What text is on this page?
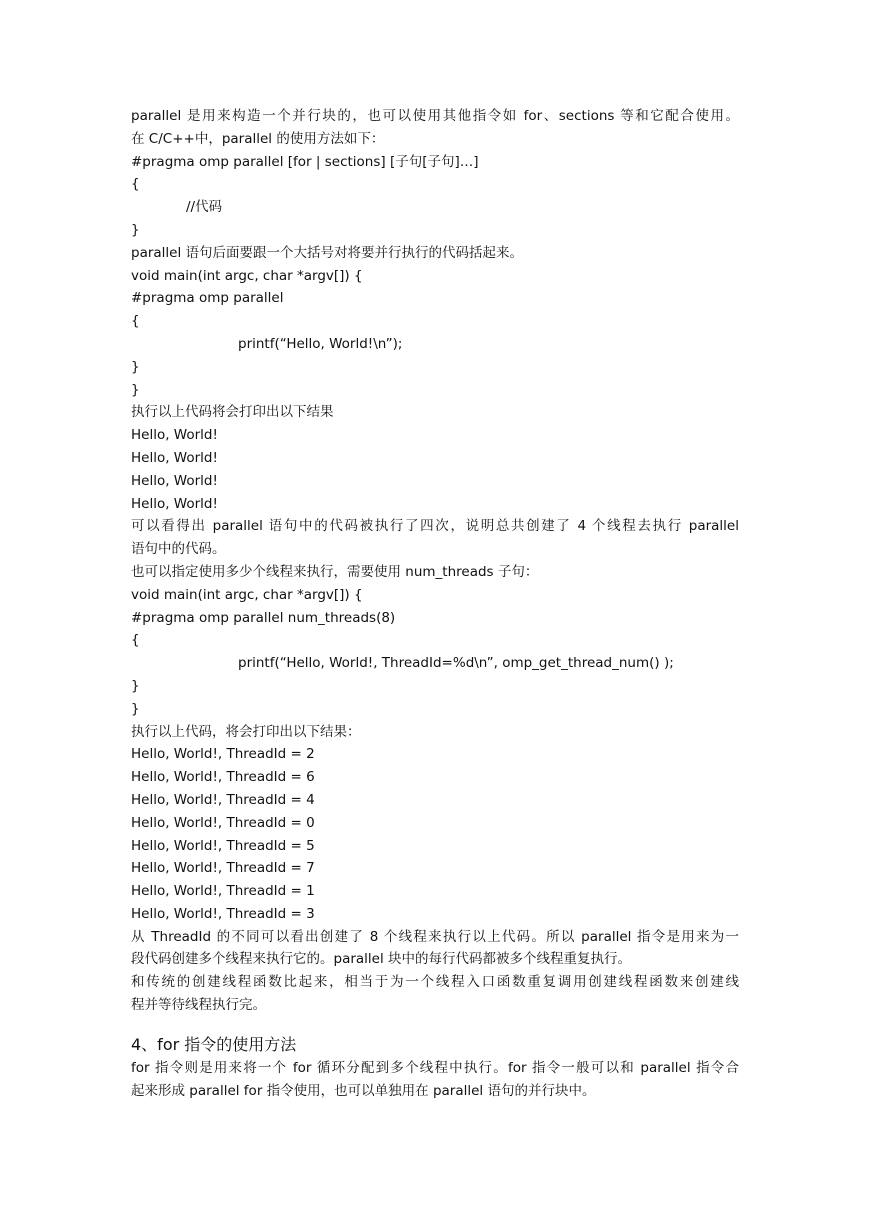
parallel 是用来构造一个并行块的，也可以使用其他指令如 for、sections 等和它配合使用。
在 C/C++中，parallel 的使用方法如下：
#pragma omp parallel [for | sections] [子句[子句]…]
{
//代码
}
parallel 语句后面要跟一个大括号对将要并行执行的代码括起来。
void main(int argc, char *argv[]) {
#pragma omp parallel
{
printf(“Hello, World!\n”);
}
}
执行以上代码将会打印出以下结果
Hello, World!
Hello, World!
Hello, World!
Hello, World!
可以看得出 parallel 语句中的代码被执行了四次，说明总共创建了 4 个线程去执行 parallel
语句中的代码。
也可以指定使用多少个线程来执行，需要使用 num_threads 子句：
void main(int argc, char *argv[]) {
#pragma omp parallel num_threads(8)
{
printf(“Hello, World!, ThreadId=%d\n”, omp_get_thread_num() );
}
}
执行以上代码，将会打印出以下结果：
Hello, World!, ThreadId = 2
Hello, World!, ThreadId = 6
Hello, World!, ThreadId = 4
Hello, World!, ThreadId = 0
Hello, World!, ThreadId = 5
Hello, World!, ThreadId = 7
Hello, World!, ThreadId = 1
Hello, World!, ThreadId = 3
从 ThreadId 的不同可以看出创建了 8 个线程来执行以上代码。所以 parallel 指令是用来为一
段代码创建多个线程来执行它的。parallel 块中的每行代码都被多个线程重复执行。
和传统的创建线程函数比起来，相当于为一个线程入口函数重复调用创建线程函数来创建线
程并等待线程执行完。
4、for 指令的使用方法
for 指令则是用来将一个 for 循环分配到多个线程中执行。for 指令一般可以和 parallel 指令合
起来形成 parallel for 指令使用，也可以单独用在 parallel 语句的并行块中。
